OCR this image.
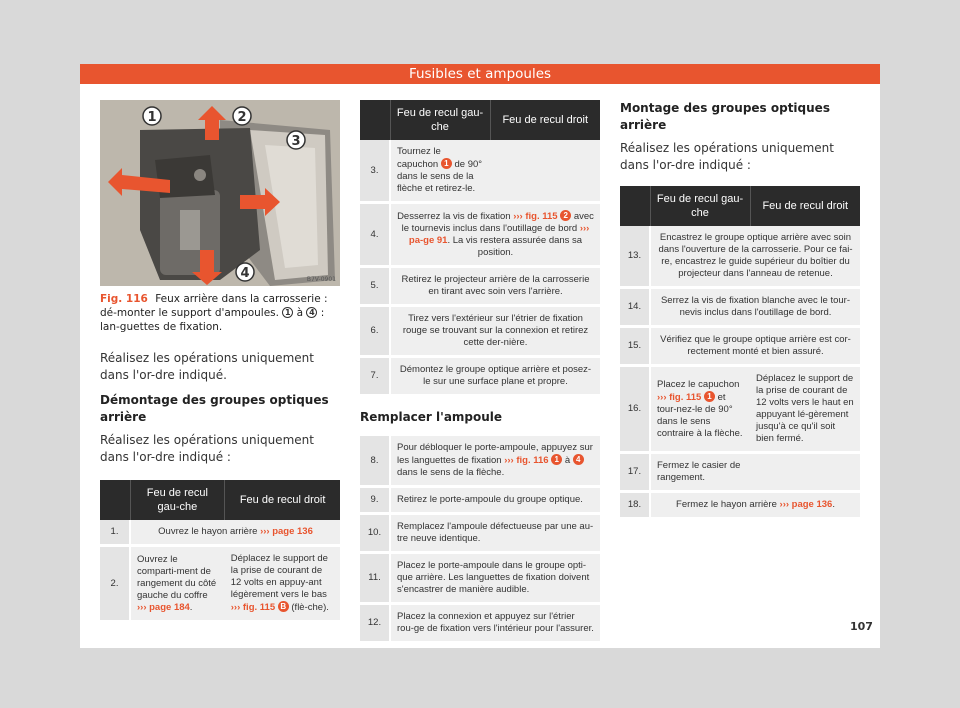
Fusibles et ampoules
1	2
3
4	B7V-0901
Fig. 116 Feux arrière dans la carrosserie : dé-monter le support d'ampoules. 1 à 4 : lan-guettes de fixation.

Réalisez les opérations uniquement dans l'or-dre indiqué.

Démontage des groupes optiques arrière

Réalisez les opérations uniquement dans l'or-dre indiqué :

	Feu de recul gau-che	Feu de recul droit
1.	Ouvrez le hayon arrière ››› page 136	
2.	Ouvrez le comparti-ment de rangement du côté gauche du coffre ››› page 184.	Déplacez le support de la prise de courant de 12 volts en appuy-ant légèrement vers le bas ››› fig. 115 B (flè-che).
	Feu de recul gau-che	Feu de recul droit
3.	Tournez le capuchon 1 de 90° dans le sens de la flèche et retirez-le.	
4.	Desserrez la vis de fixation ››› fig. 115 2 avec le tournevis inclus dans l'outillage de bord ››› pa-ge 91. La vis restera assurée dans sa position.	
5.	Retirez le projecteur arrière de la carrosserie en tirant avec soin vers l'arrière.	
6.	Tirez vers l'extérieur sur l'étrier de fixation rouge se trouvant sur la connexion et retirez cette der-nière.	
7.	Démontez le groupe optique arrière et posez-le sur une surface plane et propre.	

Remplacer l'ampoule

8.	Pour débloquer le porte-ampoule, appuyez sur les languettes de fixation ››› fig. 116 1 à 4 dans le sens de la flèche.
9.	Retirez le porte-ampoule du groupe optique.
10.	Remplacez l'ampoule défectueuse par une au-tre neuve identique.
11.	Placez le porte-ampoule dans le groupe opti-que arrière. Les languettes de fixation doivent s'encastrer de manière audible.
12.	Placez la connexion et appuyez sur l'étrier rou-ge de fixation vers l'intérieur pour l'assurer.

Montage des groupes optiques arrière

Réalisez les opérations uniquement dans l'or-dre indiqué :

	Feu de recul gau-che	Feu de recul droit
13.	Encastrez le groupe optique arrière avec soin dans l'ouverture de la carrosserie. Pour ce fai-re, encastrez le guide supérieur du boîtier du projecteur dans l'anneau de retenue.	
14.	Serrez la vis de fixation blanche avec le tour-nevis inclus dans l'outillage de bord.	
15.	Vérifiez que le groupe optique arrière est cor-rectement monté et bien assuré.	
16.	Placez le capuchon ››› fig. 115 1 et tour-nez-le de 90° dans le sens contraire à la flèche.	Déplacez le support de la prise de courant de 12 volts vers le haut en appuyant lé-gèrement jusqu'à ce qu'il soit bien fermé.
17.	Fermez le casier de rangement.	
18.	Fermez le hayon arrière ››› page 136.	
107
